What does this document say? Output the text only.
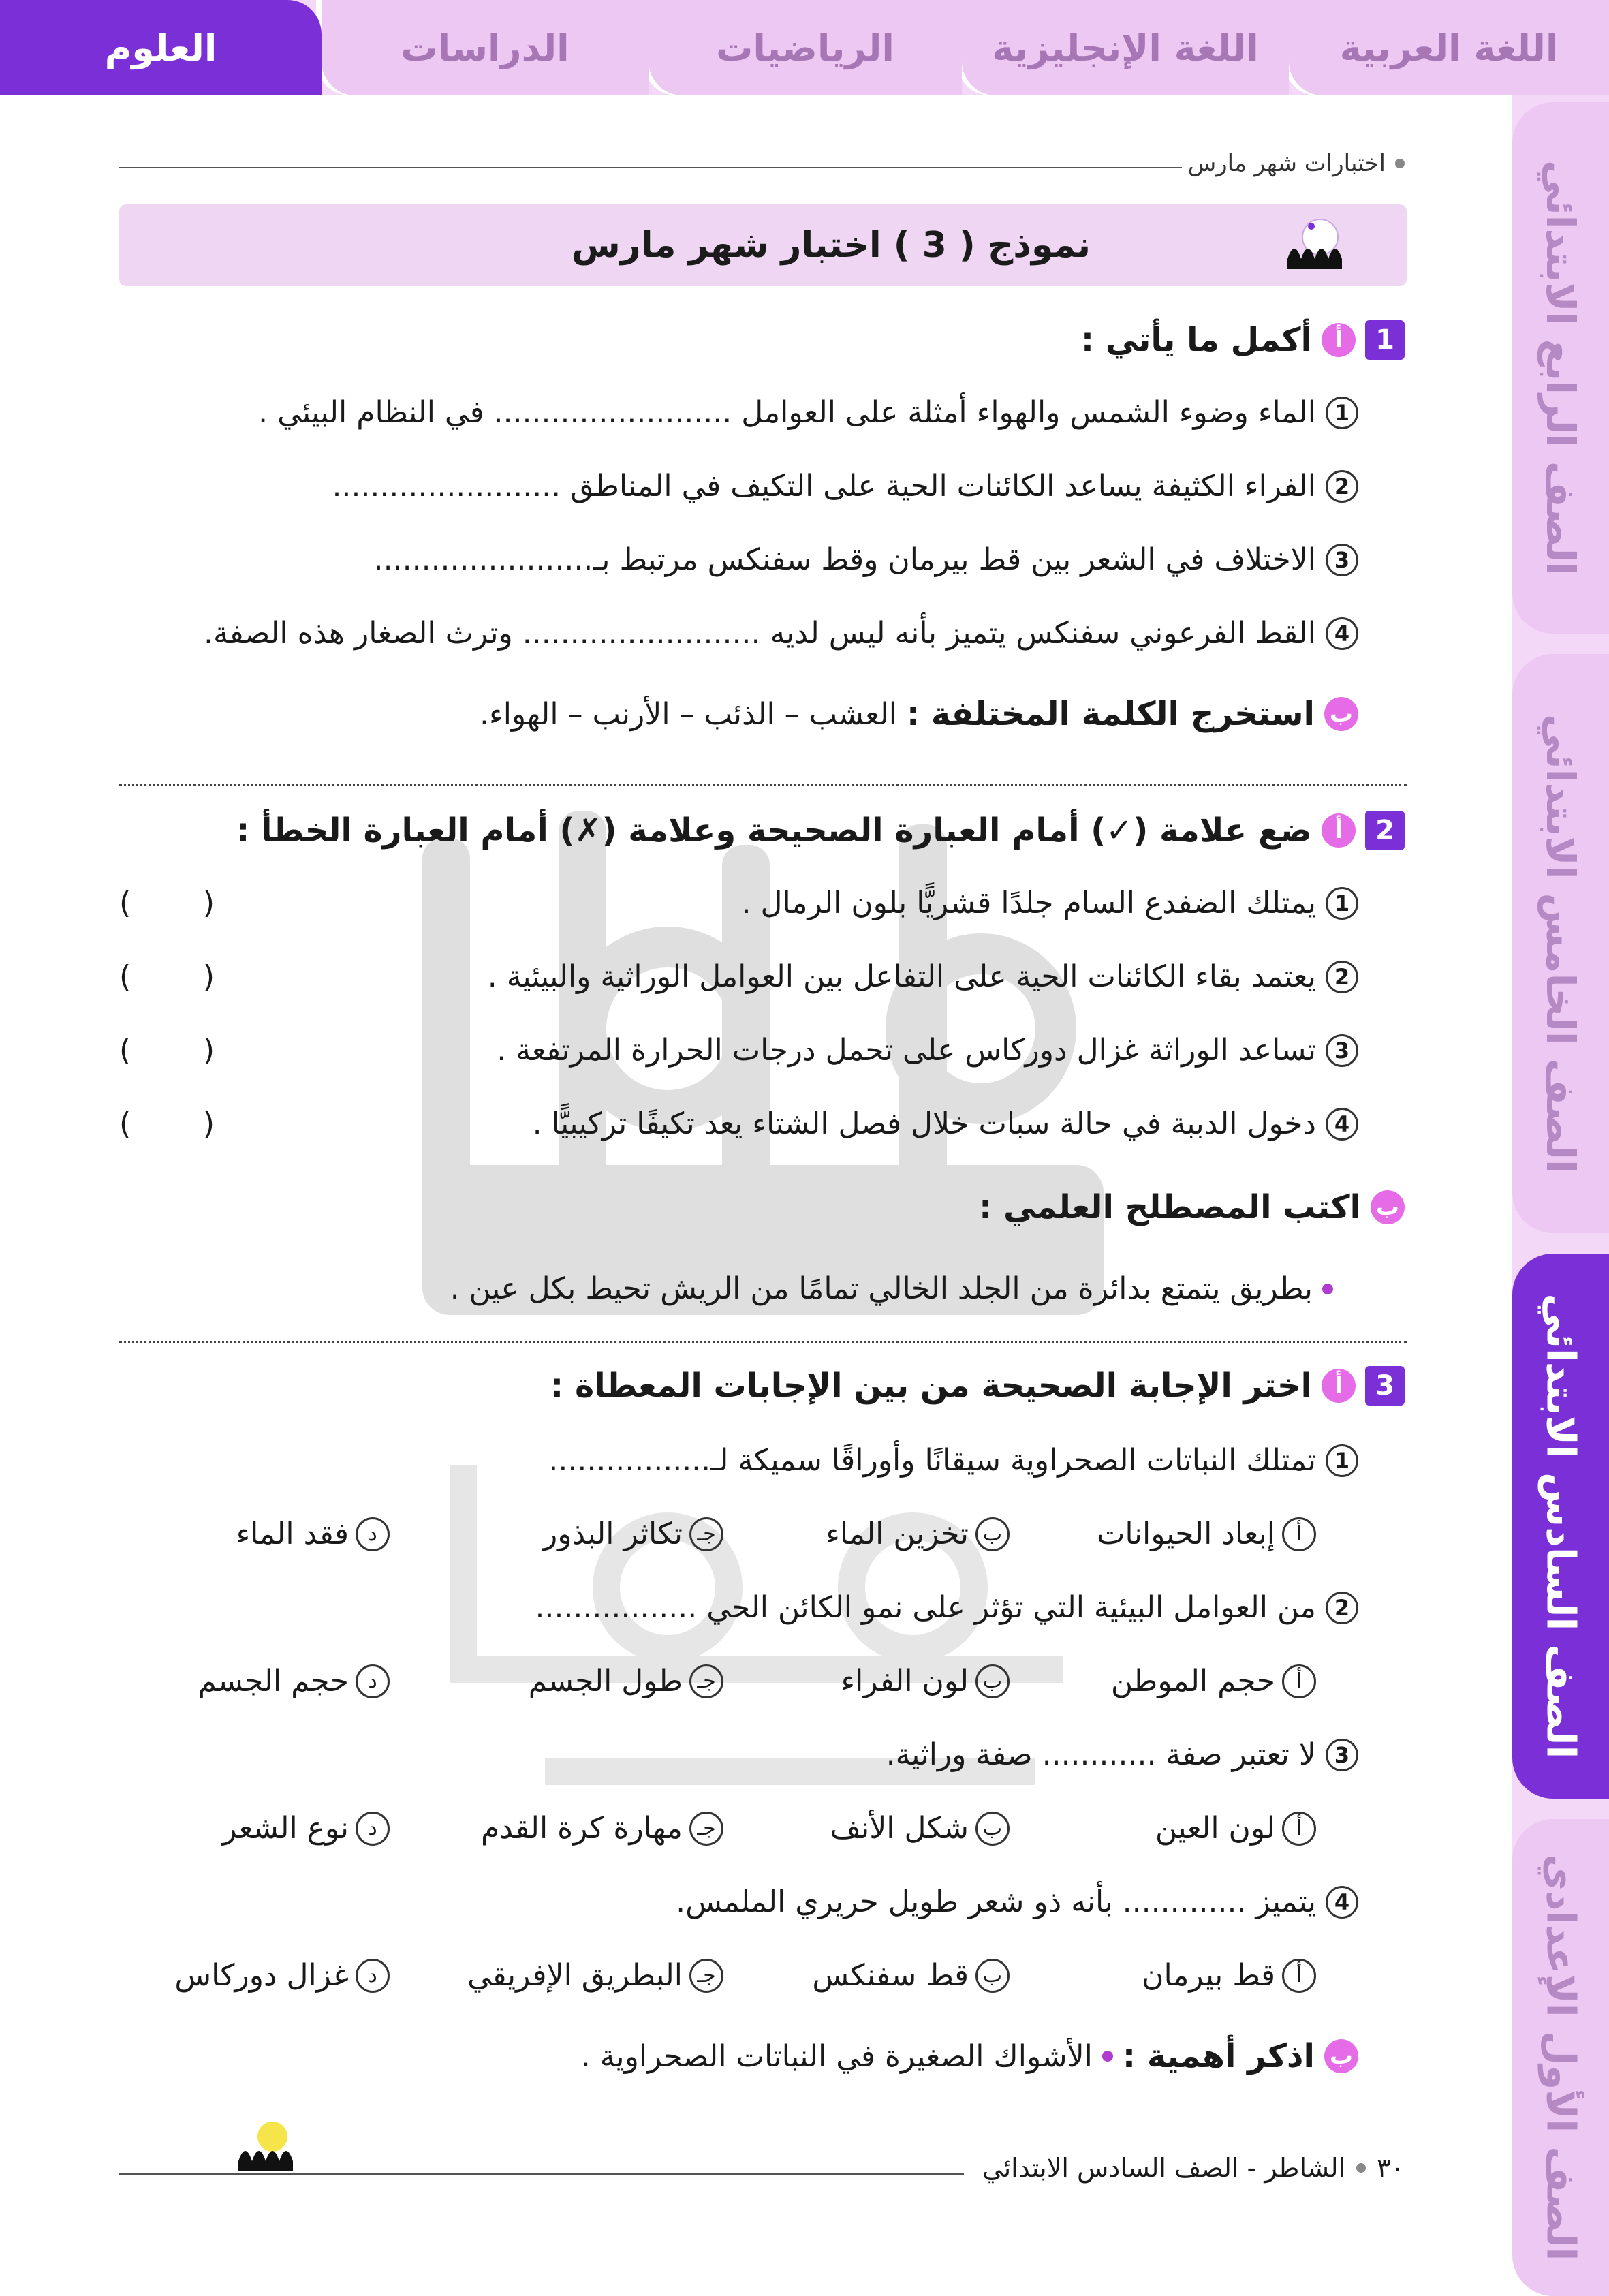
اللغة العربية
اللغة الإنجليزية
الرياضيات
الدراسات
العلوم
الصف الرابع الابتدائي
الصف الخامس الابتدائي
الصف السادس الابتدائي
الصف الأول الإعدادي
اختبارات شهر مارس
نموذج ( 3 ) اختبار شهر مارس
1
أ
أكمل ما يأتي :
1
الماء وضوء الشمس والهواء أمثلة على العوامل ......................... في النظام البيئي .
2
الفراء الكثيفة يساعد الكائنات الحية على التكيف في المناطق ........................
3
الاختلاف في الشعر بين قط بيرمان وقط سفنكس مرتبط بـ.......................
4
القط الفرعوني سفنكس يتميز بأنه ليس لديه ......................... وترث الصغار هذه الصفة.
ب
استخرج الكلمة المختلفة :
العشب – الذئب – الأرنب – الهواء.
2
أ
ضع علامة (✓) أمام العبارة الصحيحة وعلامة (✗) أمام العبارة الخطأ :
1
يمتلك الضفدع السام جلدًا قشريًّا بلون الرمال .
( )
2
يعتمد بقاء الكائنات الحية على التفاعل بين العوامل الوراثية والبيئية .
( )
3
تساعد الوراثة غزال دوركاس على تحمل درجات الحرارة المرتفعة .
( )
4
دخول الدببة في حالة سبات خلال فصل الشتاء يعد تكيفًا تركيبيًّا .
( )
ب
اكتب المصطلح العلمي :
بطريق يتمتع بدائرة من الجلد الخالي تمامًا من الريش تحيط بكل عين .
3
أ
اختر الإجابة الصحيحة من بين الإجابات المعطاة :
1
تمتلك النباتات الصحراوية سيقانًا وأوراقًا سميكة لـ.................
أ
إبعاد الحيوانات
ب
تخزين الماء
جـ
تكاثر البذور
د
فقد الماء
2
من العوامل البيئية التي تؤثر على نمو الكائن الحي .................
أ
حجم الموطن
ب
لون الفراء
جـ
طول الجسم
د
حجم الجسم
3
لا تعتبر صفة ............ صفة وراثية.
أ
لون العين
ب
شكل الأنف
جـ
مهارة كرة القدم
د
نوع الشعر
4
يتميز ............. بأنه ذو شعر طويل حريري الملمس.
أ
قط بيرمان
ب
قط سفنكس
جـ
البطريق الإفريقي
د
غزال دوركاس
ب
اذكر أهمية :
الأشواك الصغيرة في النباتات الصحراوية .
٣٠
الشاطر - الصف السادس الابتدائي
